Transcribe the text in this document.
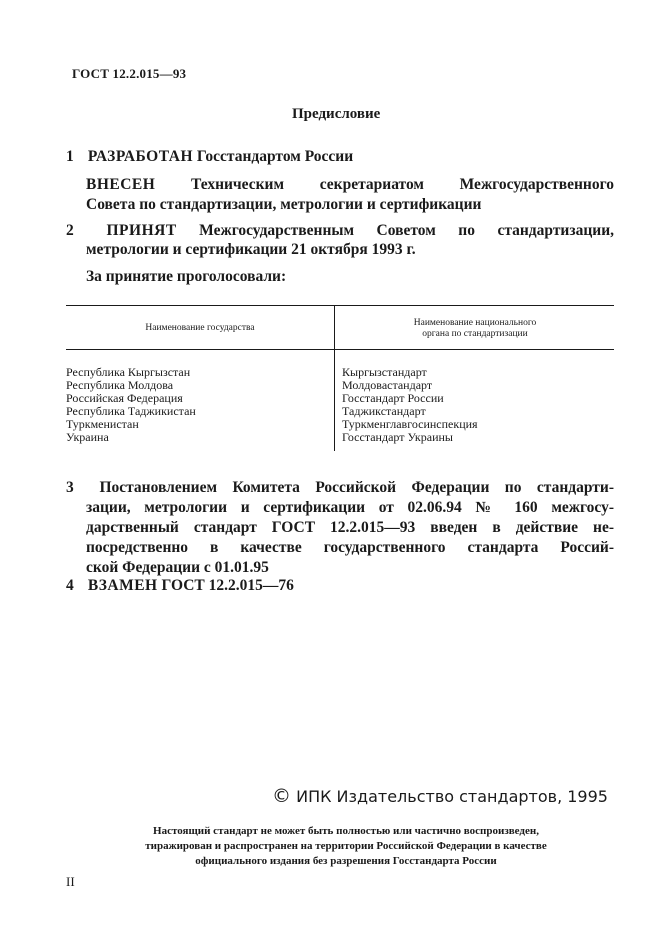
ГОСТ 12.2.015—93
Предисловие
1 РАЗРАБОТАН Госстандартом России
ВНЕСЕН Техническим секретариатом Межгосударственного
Совета по стандартизации, метрологии и сертификации
2 ПРИНЯТ Межгосударственным Советом по стандартизации,
метрологии и сертификации 21 октября 1993 г.
За принятие проголосовали:
Наименование государства	Наименование национального
органа по стандартизации
Республика Кыргызстан	Кыргызстандарт
Республика Молдова	Молдовастандарт
Российская Федерация	Госстандарт России
Республика Таджикистан	Таджикстандарт
Туркменистан	Туркменглавгосинспекция
Украина	Госстандарт Украины
3 Постановлением Комитета Российской Федерации по стандарти-
зации, метрологии и сертификации от 02.06.94 № 160 межгосу-
дарственный стандарт ГОСТ 12.2.015—93 введен в действие не-
посредственно в качестве государственного стандарта Россий-
ской Федерации с 01.01.95
4 ВЗАМЕН ГОСТ 12.2.015—76
© ИПК Издательство стандартов, 1995
Настоящий стандарт не может быть полностью или частично воспроизведен,
тиражирован и распространен на территории Российской Федерации в качестве
официального издания без разрешения Госстандарта России
II
